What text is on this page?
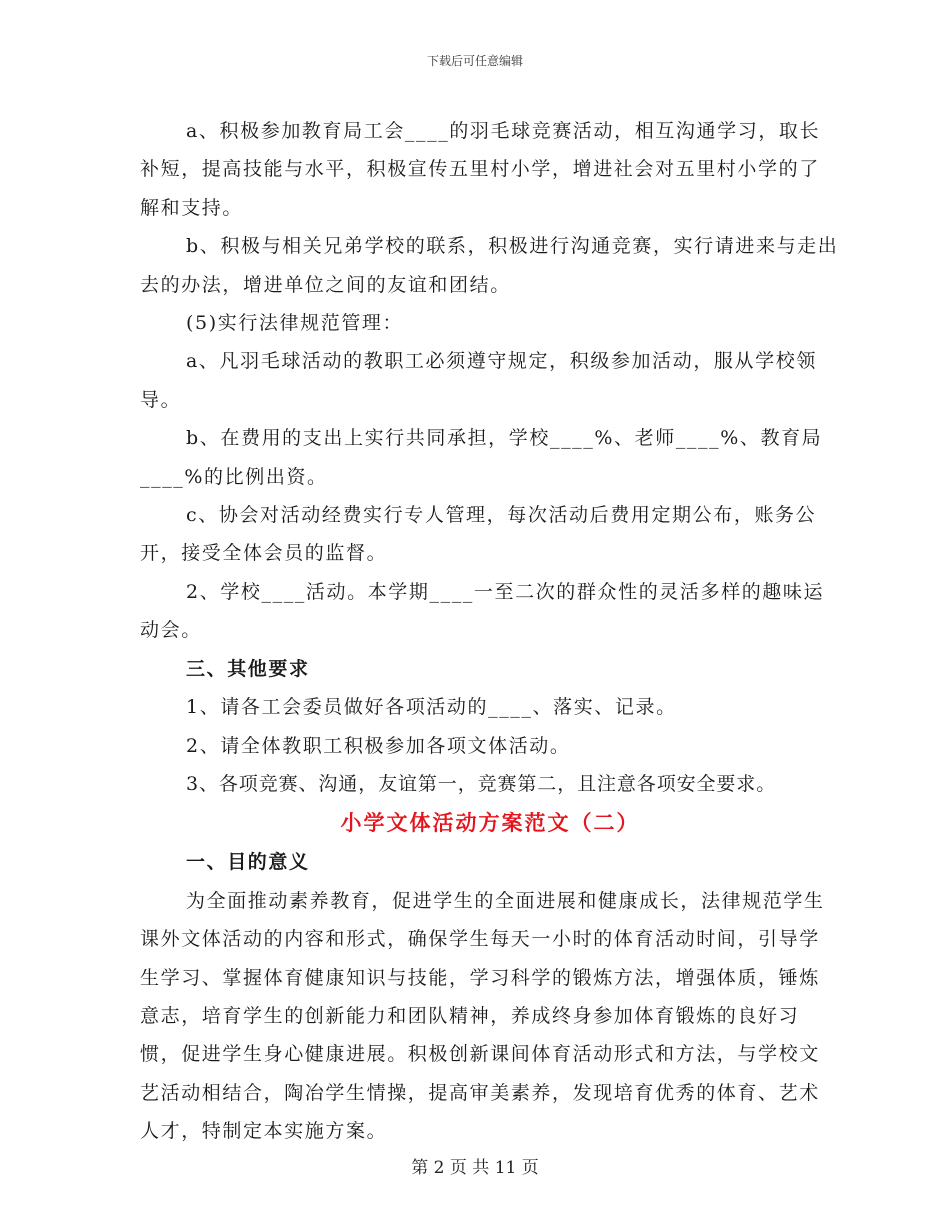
下载后可任意编辑

a、积极参加教育局工会____的羽毛球竞赛活动，相互沟通学习，取长补短，提高技能与水平，积极宣传五里村小学，增进社会对五里村小学的了解和支持。

b、积极与相关兄弟学校的联系，积极进行沟通竞赛，实行请进来与走出去的办法，增进单位之间的友谊和团结。

(5)实行法律规范管理：

a、凡羽毛球活动的教职工必须遵守规定，积级参加活动，服从学校领导。

b、在费用的支出上实行共同承担，学校____%、老师____%、教育局____%的比例出资。

c、协会对活动经费实行专人管理，每次活动后费用定期公布，账务公开，接受全体会员的监督。

2、学校____活动。本学期____一至二次的群众性的灵活多样的趣味运动会。

三、其他要求

1、请各工会委员做好各项活动的____、落实、记录。

2、请全体教职工积极参加各项文体活动。

3、各项竞赛、沟通，友谊第一，竞赛第二，且注意各项安全要求。

小学文体活动方案范文（二）

一、目的意义

为全面推动素养教育，促进学生的全面进展和健康成长，法律规范学生课外文体活动的内容和形式，确保学生每天一小时的体育活动时间，引导学生学习、掌握体育健康知识与技能，学习科学的锻炼方法，增强体质，锤炼意志，培育学生的创新能力和团队精神，养成终身参加体育锻炼的良好习惯，促进学生身心健康进展。积极创新课间体育活动形式和方法，与学校文艺活动相结合，陶冶学生情操，提高审美素养，发现培育优秀的体育、艺术人才，特制定本实施方案。

第 2 页 共 11 页
